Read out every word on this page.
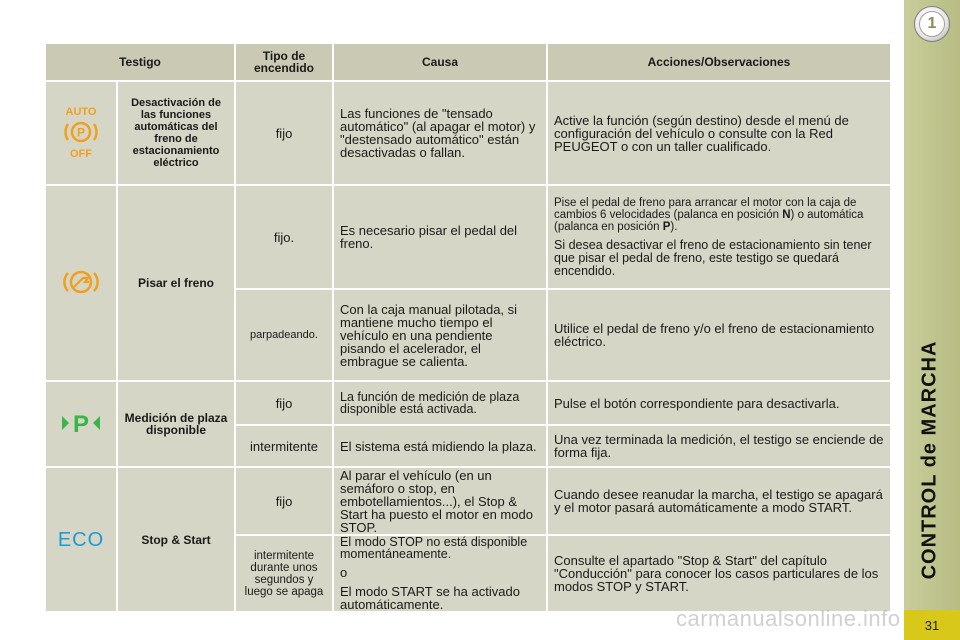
Testigo		Tipo de encendido	Causa	Acciones/Observaciones

AUTO
P
OFF	Desactivación de las funciones automáticas del freno de estacionamiento eléctrico	fijo	Las funciones de "tensado automático" (al apagar el motor) y "destensado automático" están desactivadas o fallan.	Active la función (según destino) desde el menú de configuración del vehículo o consulte con la Red PEUGEOT o con un taller cualificado.
	Pisar el freno	fijo.	Es necesario pisar el pedal del freno.	Pise el pedal de freno para arrancar el motor con la caja de cambios 6 velocidades (palanca en posición N) o automática (palanca en posición P).

Si desea desactivar el freno de estacionamiento sin tener que pisar el pedal de freno, este testigo se quedará encendido.

		parpadeando.	Con la caja manual pilotada, si mantiene mucho tiempo el vehículo en una pendiente pisando el acelerador, el embrague se calienta.	Utilice el pedal de freno y/o el freno de estacionamiento eléctrico.

P	Medición de plaza disponible	fijo	La función de medición de plaza disponible está activada.	Pulse el botón correspondiente para desactivarla.
		intermitente	El sistema está midiendo la plaza.	Una vez terminada la medición, el testigo se enciende de forma fija.

ECO	Stop & Start	fijo	Al parar el vehículo (en un semáforo o stop, en embotellamientos...), el Stop & Start ha puesto el motor en modo STOP.	Cuando desee reanudar la marcha, el testigo se apagará y el motor pasará automáticamente a modo START.
		intermitente durante unos segundos y luego se apaga	El modo STOP no está disponible momentáneamente.

o

El modo START se ha activado automáticamente.	Consulte el apartado "Stop & Start" del capítulo "Conducción" para conocer los casos particulares de los modos STOP y START.
1
CONTROL de MARCHA
31
carmanualsonline.info
